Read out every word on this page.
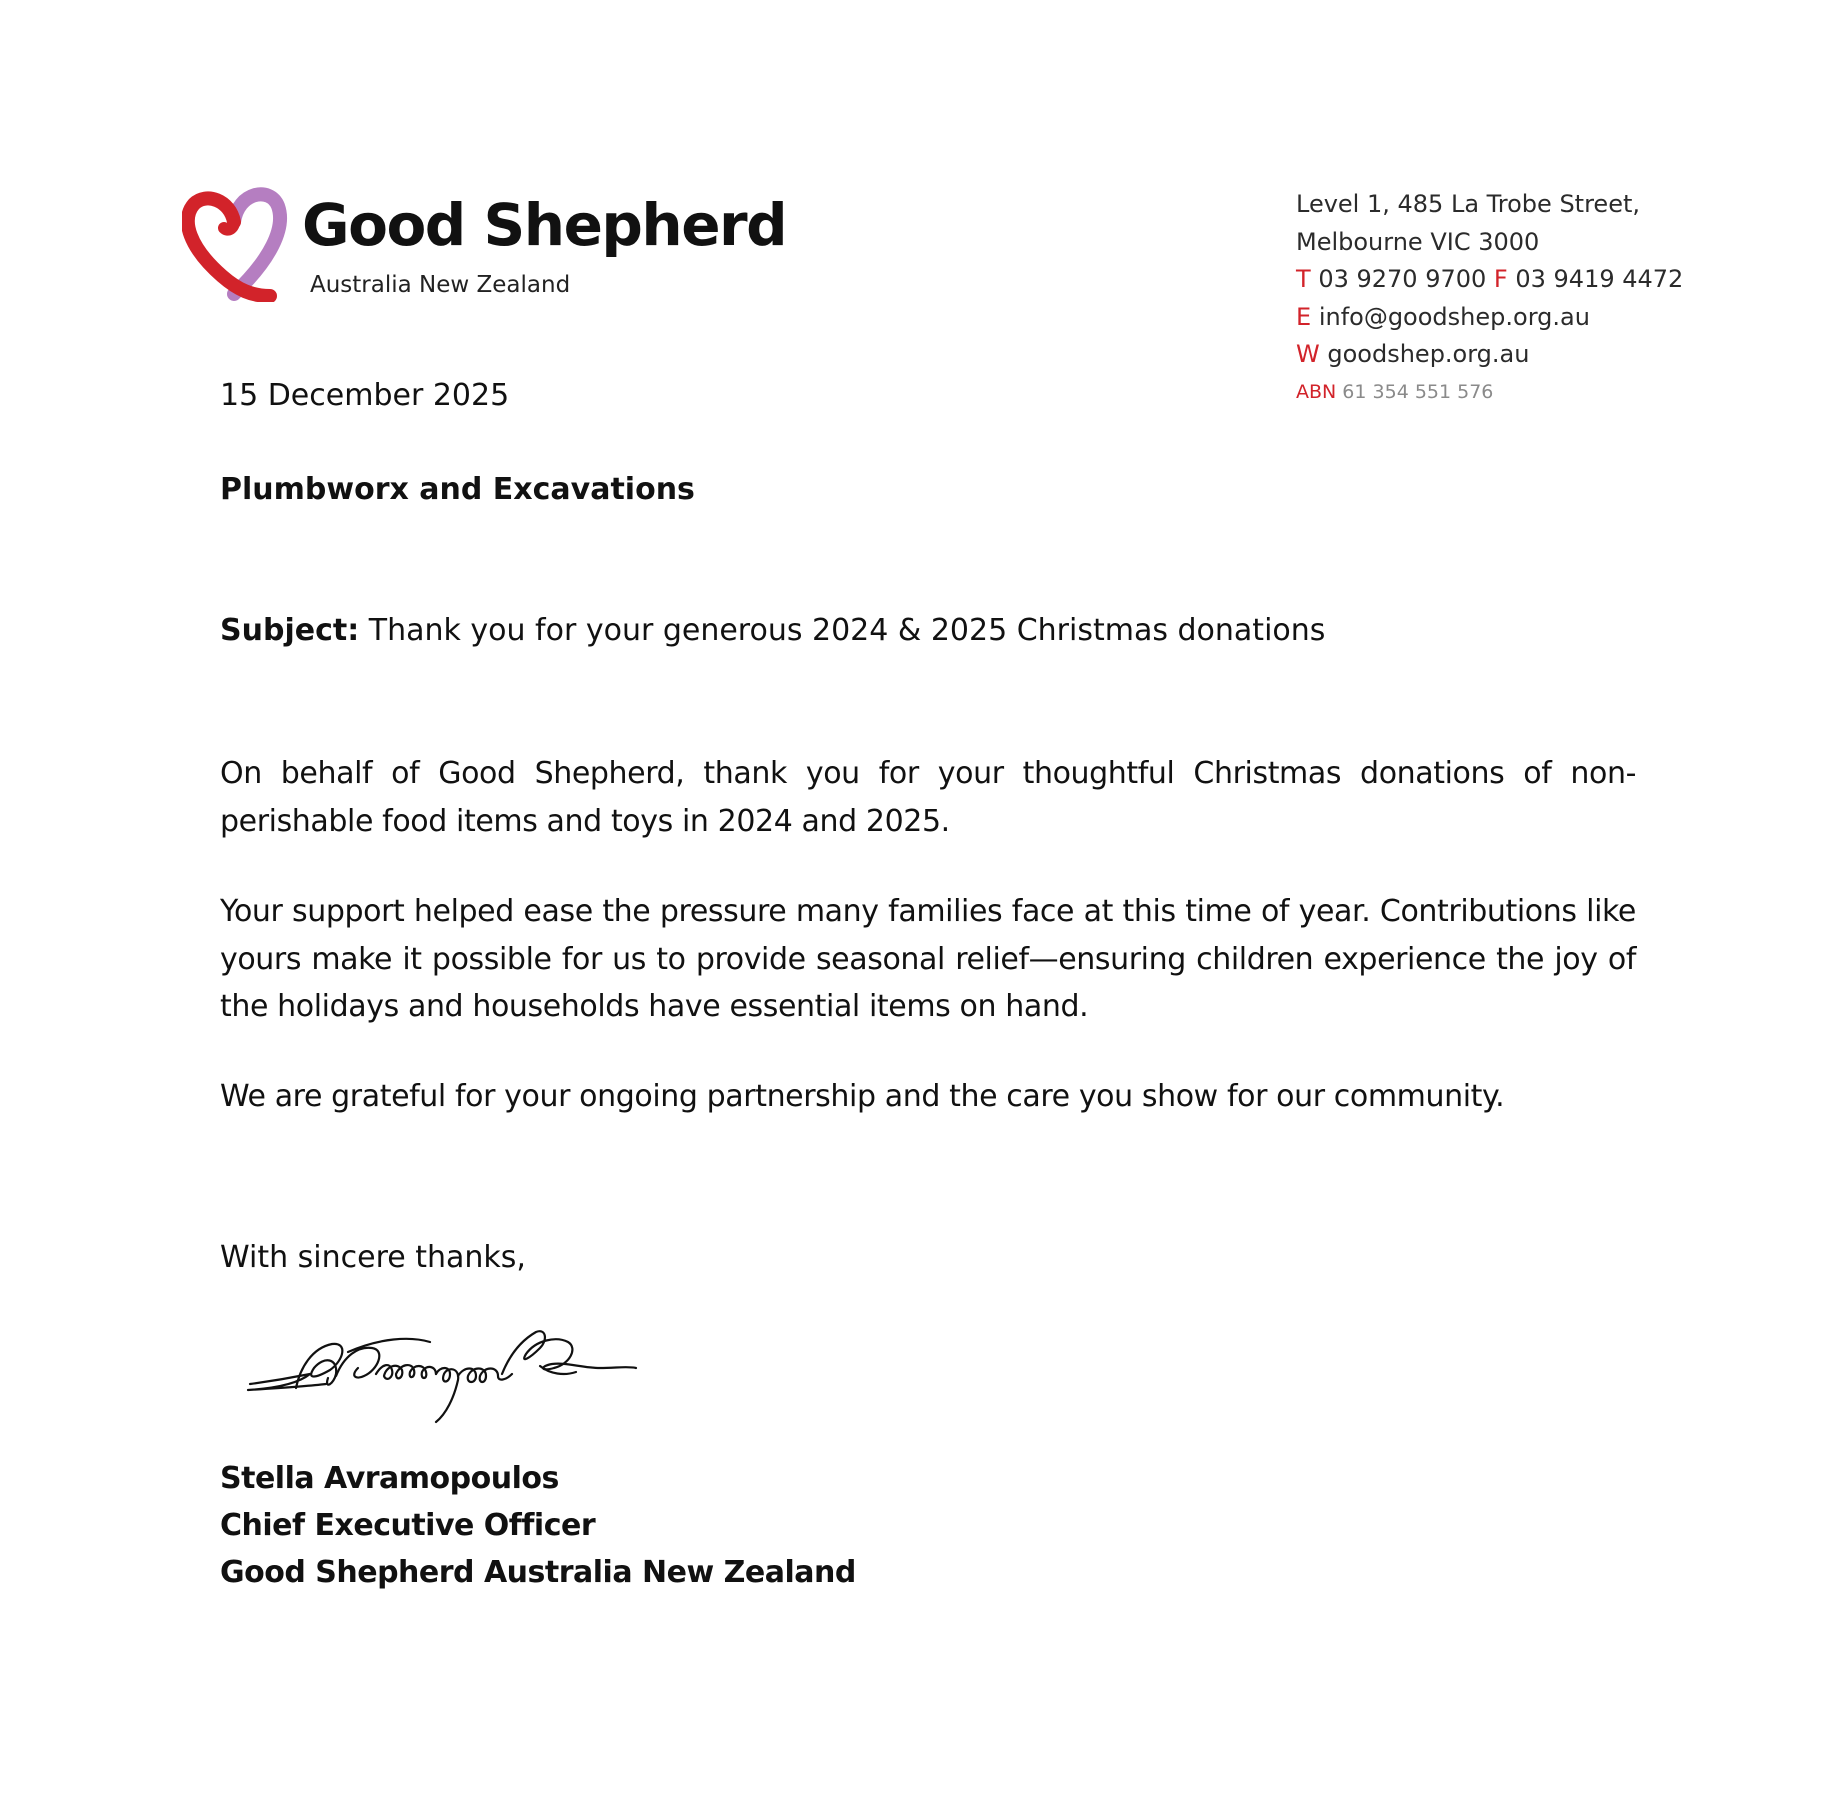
Good Shepherd
Australia New Zealand
Level 1, 485 La Trobe Street,
Melbourne VIC 3000
T 03 9270 9700 F 03 9419 4472
E info@goodshep.org.au
W goodshep.org.au
ABN 61 354 551 576
15 December 2025
Plumbworx and Excavations
Subject: Thank you for your generous 2024 & 2025 Christmas donations
On behalf of Good Shepherd, thank you for your thoughtful Christmas donations of non-perishable food items and toys in 2024 and 2025.
Your support helped ease the pressure many families face at this time of year. Contributions like yours make it possible for us to provide seasonal relief—ensuring children experience the joy of the holidays and households have essential items on hand.
We are grateful for your ongoing partnership and the care you show for our community.
With sincere thanks,
Stella Avramopoulos
Chief Executive Officer
Good Shepherd Australia New Zealand
